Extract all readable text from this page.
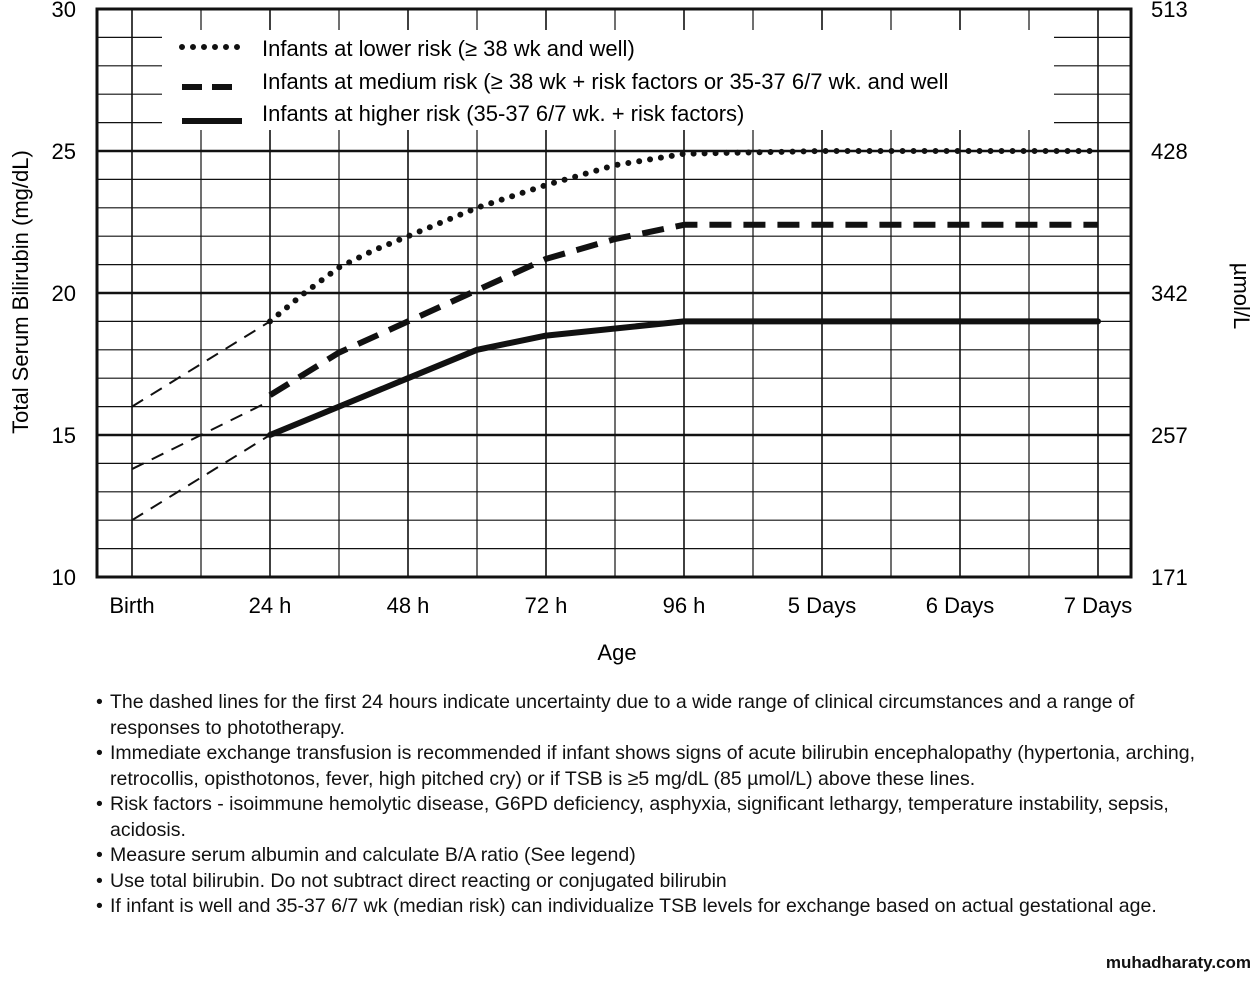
Infants at lower risk (≥ 38 wk and well)
Infants at medium risk (≥ 38 wk + risk factors or 35-37 6/7 wk. and well
Infants at higher risk (35-37 6/7 wk. + risk factors)
10
15
20
25
30
171
257
342
428
513
Birth	24 h	48 h	72 h	96 h	5 Days	6 Days	7 Days
Total Serum Bilirubin (mg/dL)	µmol/L
Age
• The dashed lines for the first 24 hours indicate uncertainty due to a wide range of clinical circumstances and a range of responses to phototherapy.
• Immediate exchange transfusion is recommended if infant shows signs of acute bilirubin encephalopathy (hypertonia, arching, retrocollis, opisthotonos, fever, high pitched cry) or if TSB is ≥5 mg/dL (85 µmol/L) above these lines.
• Risk factors - isoimmune hemolytic disease, G6PD deficiency, asphyxia, significant lethargy, temperature instability, sepsis, acidosis.
• Measure serum albumin and calculate B/A ratio (See legend)
• Use total bilirubin. Do not subtract direct reacting or conjugated bilirubin
• If infant is well and 35-37 6/7 wk (median risk) can individualize TSB levels for exchange based on actual gestational age.
muhadharaty.com
